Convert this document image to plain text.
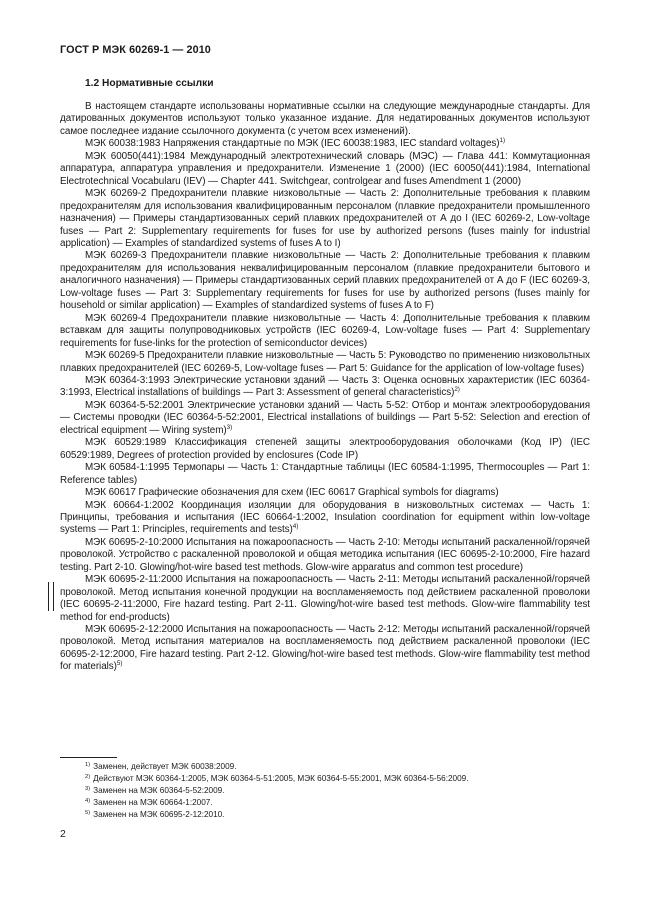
ГОСТ Р МЭК 60269-1 — 2010
1.2 Нормативные ссылки

В настоящем стандарте использованы нормативные ссылки на следующие международные стандарты. Для датированных документов используют только указанное издание. Для недатированных документов используют самое последнее издание ссылочного документа (с учетом всех изменений).

МЭК 60038:1983 Напряжения стандартные по МЭК (IEC 60038:1983, IEC standard voltages)$^{1)}$

МЭК 60050(441):1984 Международный электротехнический словарь (МЭС) — Глава 441: Коммутационная аппаратура, аппаратура управления и предохранители. Изменение 1 (2000) (IEC 60050(441):1984, International Electrotechnical Vocabularu (IEV) — Chapter 441. Switchgear, controlgear and fuses Amendment 1 (2000)

МЭК 60269-2 Предохранители плавкие низковольтные — Часть 2: Дополнительные требования к плавким предохранителям для использования квалифицированным персоналом (плавкие предохранители промышленного назначения) — Примеры стандартизованных серий плавких предохранителей от А до I (IEC 60269-2, Low-voltage fuses — Part 2: Supplementary requirements for fuses for use by authorized persons (fuses mainly for industrial application) — Examples of standardized systems of fuses A to I)

МЭК 60269-3 Предохранители плавкие низковольтные — Часть 2: Дополнительные требования к плавким предохранителям для использования неквалифицированным персоналом (плавкие предохранители бытового и аналогичного назначения) — Примеры стандартизованных серий плавких предохранителей от А до F (IEC 60269-3, Low-voltage fuses — Part 3: Supplementary requirements for fuses for use by authorized persons (fuses mainly for household or similar application) — Examples of standardized systems of fuses A to F)

МЭК 60269-4 Предохранители плавкие низковольтные — Часть 4: Дополнительные требования к плавким вставкам для защиты полупроводниковых устройств (IEC 60269-4, Low-voltage fuses — Part 4: Supplementary requirements for fuse-links for the protection of semiconductor devices)

МЭК 60269-5 Предохранители плавкие низковольтные — Часть 5: Руководство по применению низковольтных плавких предохранителей (IEC 60269-5, Low-voltage fuses — Part 5: Guidance for the application of low-voltage fuses)

МЭК 60364-3:1993 Электрические установки зданий — Часть 3: Оценка основных характеристик (IEC 60364-3:1993, Electrical installations of buildings — Part 3: Assessment of general characteristics)$^{2)}$

МЭК 60364-5-52:2001 Электрические установки зданий — Часть 5-52: Отбор и монтаж электрооборудования — Системы проводки (IEC 60364-5-52:2001, Electrical installations of buildings — Part 5-52: Selection and erection of electrical equipment — Wiring system)$^{3)}$

МЭК 60529:1989 Классификация степеней защиты электрооборудования оболочками (Код IP) (IEC 60529:1989, Degrees of protection provided by enclosures (Code IP)

МЭК 60584-1:1995 Термопары — Часть 1: Стандартные таблицы (IEC 60584-1:1995, Thermocouples — Part 1: Reference tables)

МЭК 60617 Графические обозначения для схем (IEC 60617 Graphical symbols for diagrams)

МЭК 60664-1:2002 Координация изоляции для оборудования в низковольтных системах — Часть 1: Принципы, требования и испытания (IEC 60664-1:2002, Insulation coordination for equipment within low-voltage systems — Part 1: Principles, requirements and tests)$^{4)}$

МЭК 60695-2-10:2000 Испытания на пожароопасность — Часть 2-10: Методы испытаний раскаленной/горячей проволокой. Устройство с раскаленной проволокой и общая методика испытания (IEC 60695-2-10:2000, Fire hazard testing. Part 2-10. Glowing/hot-wire based test methods. Glow-wire apparatus and common test procedure)

МЭК 60695-2-11:2000 Испытания на пожароопасность — Часть 2-11: Методы испытаний раскаленной/горячей проволокой. Метод испытания конечной продукции на воспламеняемость под действием раскаленной проволоки (IEC 60695-2-11:2000, Fire hazard testing. Part 2-11. Glowing/hot-wire based test methods. Glow-wire flammability test method for end-products)

МЭК 60695-2-12:2000 Испытания на пожароопасность — Часть 2-12: Методы испытаний раскаленной/горячей проволокой. Метод испытания материалов на воспламеняемость под действием раскаленной проволоки (IEC 60695-2-12:2000, Fire hazard testing. Part 2-12. Glowing/hot-wire based test methods. Glow-wire flammability test method for materials)$^{5)}$

$^{1)}$ Заменен, действует МЭК 60038:2009.
$^{2)}$ Действуют МЭК 60364-1:2005, МЭК 60364-5-51:2005, МЭК 60364-5-55:2001, МЭК 60364-5-56:2009.
$^{3)}$ Заменен на МЭК 60364-5-52:2009.
$^{4)}$ Заменен на МЭК 60664-1:2007.
$^{5)}$ Заменен на МЭК 60695-2-12:2010.
2
